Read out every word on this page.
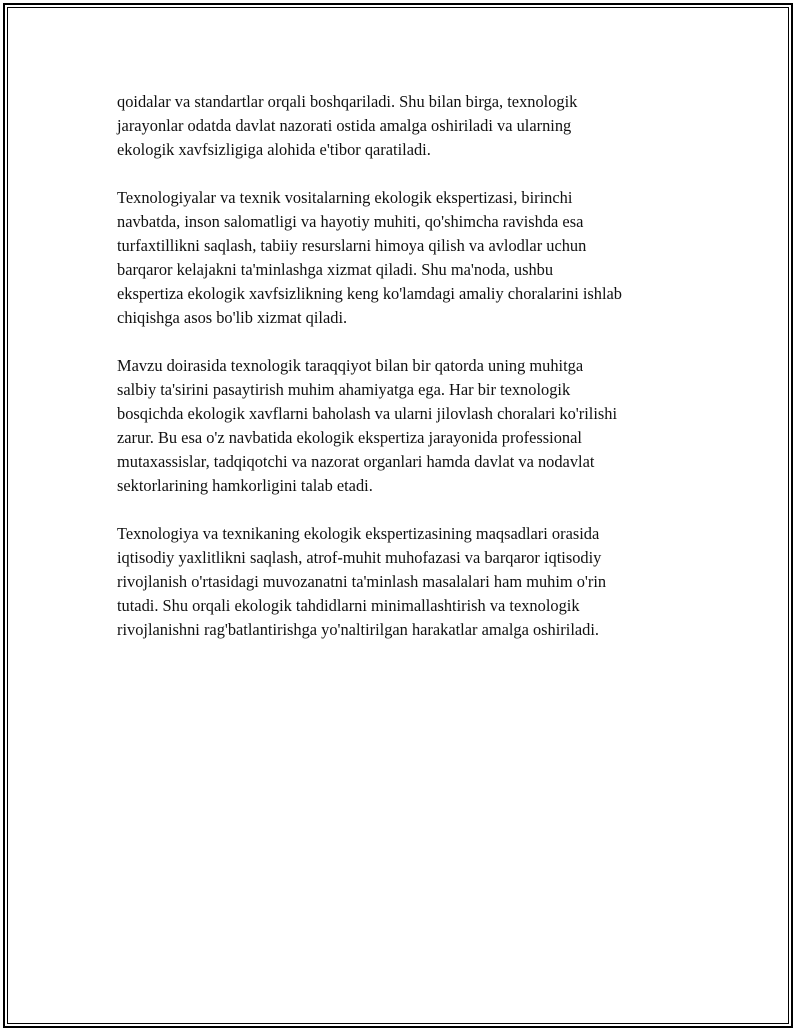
qoidalar va standartlar orqali boshqariladi. Shu bilan birga, texnologik
jarayonlar odatda davlat nazorati ostida amalga oshiriladi va ularning
ekologik xavfsizligiga alohida e'tibor qaratiladi.

Texnologiyalar va texnik vositalarning ekologik ekspertizasi, birinchi
navbatda, inson salomatligi va hayotiy muhiti, qo'shimcha ravishda esa
turfaxtillikni saqlash, tabiiy resurslarni himoya qilish va avlodlar uchun
barqaror kelajakni ta'minlashga xizmat qiladi. Shu ma'noda, ushbu
ekspertiza ekologik xavfsizlikning keng ko'lamdagi amaliy choralarini ishlab
chiqishga asos bo'lib xizmat qiladi.

Mavzu doirasida texnologik taraqqiyot bilan bir qatorda uning muhitga
salbiy ta'sirini pasaytirish muhim ahamiyatga ega. Har bir texnologik
bosqichda ekologik xavflarni baholash va ularni jilovlash choralari ko'rilishi
zarur. Bu esa o'z navbatida ekologik ekspertiza jarayonida professional
mutaxassislar, tadqiqotchi va nazorat organlari hamda davlat va nodavlat
sektorlarining hamkorligini talab etadi.

Texnologiya va texnikaning ekologik ekspertizasining maqsadlari orasida
iqtisodiy yaxlitlikni saqlash, atrof-muhit muhofazasi va barqaror iqtisodiy
rivojlanish o'rtasidagi muvozanatni ta'minlash masalalari ham muhim o'rin
tutadi. Shu orqali ekologik tahdidlarni minimallashtirish va texnologik
rivojlanishni rag'batlantirishga yo'naltirilgan harakatlar amalga oshiriladi.
